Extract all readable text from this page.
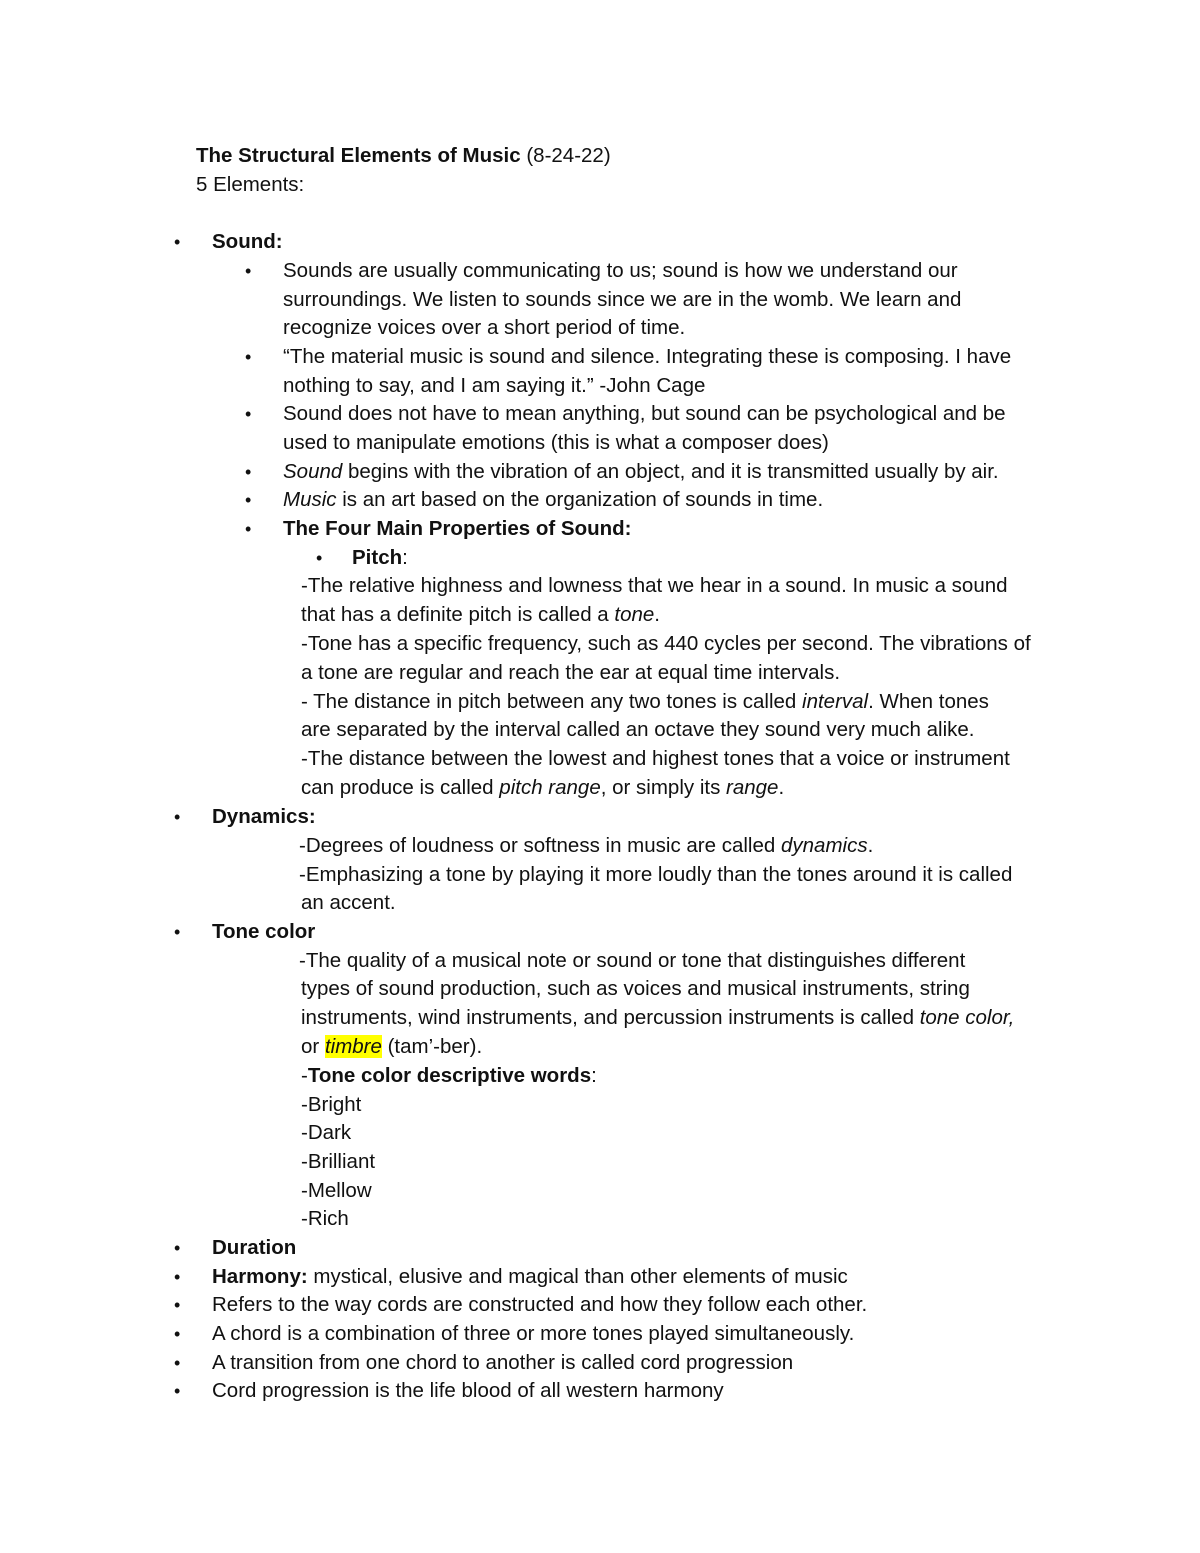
The Structural Elements of Music (8-24-22)
5 Elements:
• Sound:
• Sounds are usually communicating to us; sound is how we understand our
surroundings. We listen to sounds since we are in the womb. We learn and
recognize voices over a short period of time.
• “The material music is sound and silence. Integrating these is composing. I have
nothing to say, and I am saying it.” -John Cage
• Sound does not have to mean anything, but sound can be psychological and be
used to manipulate emotions (this is what a composer does)
• Sound begins with the vibration of an object, and it is transmitted usually by air.
• Music is an art based on the organization of sounds in time.
• The Four Main Properties of Sound:
• Pitch:
-The relative highness and lowness that we hear in a sound. In music a sound
that has a definite pitch is called a tone.
-Tone has a specific frequency, such as 440 cycles per second. The vibrations of
a tone are regular and reach the ear at equal time intervals.
- The distance in pitch between any two tones is called interval. When tones
are separated by the interval called an octave they sound very much alike.
-The distance between the lowest and highest tones that a voice or instrument
can produce is called pitch range, or simply its range.
• Dynamics:
-Degrees of loudness or softness in music are called dynamics.
-Emphasizing a tone by playing it more loudly than the tones around it is called
an accent.
• Tone color
-The quality of a musical note or sound or tone that distinguishes different
types of sound production, such as voices and musical instruments, string
instruments, wind instruments, and percussion instruments is called tone color,
or timbre (tam’-ber).
-Tone color descriptive words:
-Bright
-Dark
-Brilliant
-Mellow
-Rich
• Duration
• Harmony: mystical, elusive and magical than other elements of music
• Refers to the way cords are constructed and how they follow each other.
• A chord is a combination of three or more tones played simultaneously.
• A transition from one chord to another is called cord progression
• Cord progression is the life blood of all western harmony
